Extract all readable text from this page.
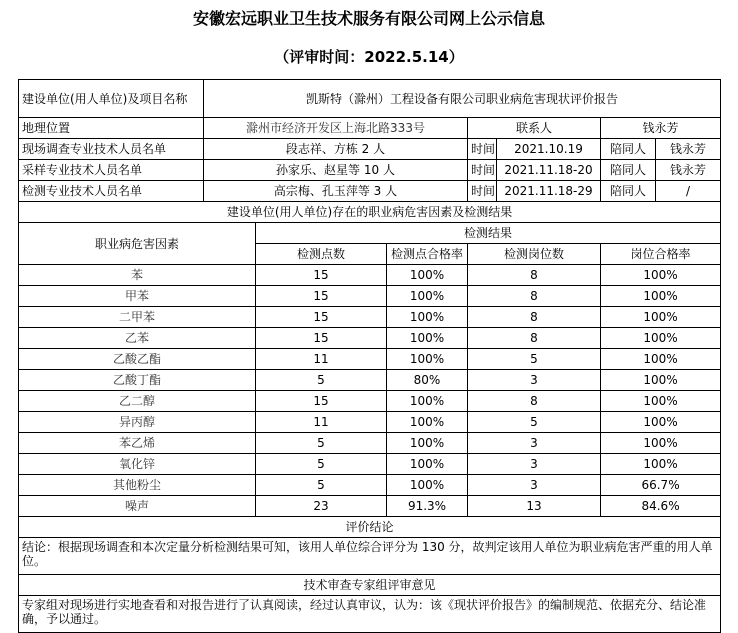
安徽宏远职业卫生技术服务有限公司网上公示信息
（评审时间：2022.5.14）
建设单位(用人单位)及项目名称	凯斯特（滁州）工程设备有限公司职业病危害现状评价报告						
地理位置	滁州市经济开发区上海北路333号			联系人		钱永芳	
现场调查专业技术人员名单	段志祥、方栋 2 人			时间	2021.10.19	陪同人	钱永芳
采样专业技术人员名单	孙家乐、赵星等 10 人			时间	2021.11.18-20	陪同人	钱永芳
检测专业技术人员名单	高宗梅、孔玉萍等 3 人			时间	2021.11.18-29	陪同人	/
建设单位(用人单位)存在的职业病危害因素及检测结果							
职业病危害因素		检测结果					
		检测点数	检测点合格率	检测岗位数		岗位合格率	
苯		15	100%	8		100%	
甲苯		15	100%	8		100%	
二甲苯		15	100%	8		100%	
乙苯		15	100%	8		100%	
乙酸乙酯		11	100%	5		100%	
乙酸丁酯		5	80%	3		100%	
乙二醇		15	100%	8		100%	
异丙醇		11	100%	5		100%	
苯乙烯		5	100%	3		100%	
氧化锌		5	100%	3		100%	
其他粉尘		5	100%	3		66.7%	
噪声		23	91.3%	13		84.6%	
评价结论							
结论：根据现场调查和本次定量分析检测结果可知，该用人单位综合评分为 130 分，故判定该用人单位为职业病危害严重的用人单位。							
技术审查专家组评审意见							
专家组对现场进行实地查看和对报告进行了认真阅读，经过认真审议，认为：该《现状评价报告》的编制规范、依据充分、结论准确，予以通过。							
